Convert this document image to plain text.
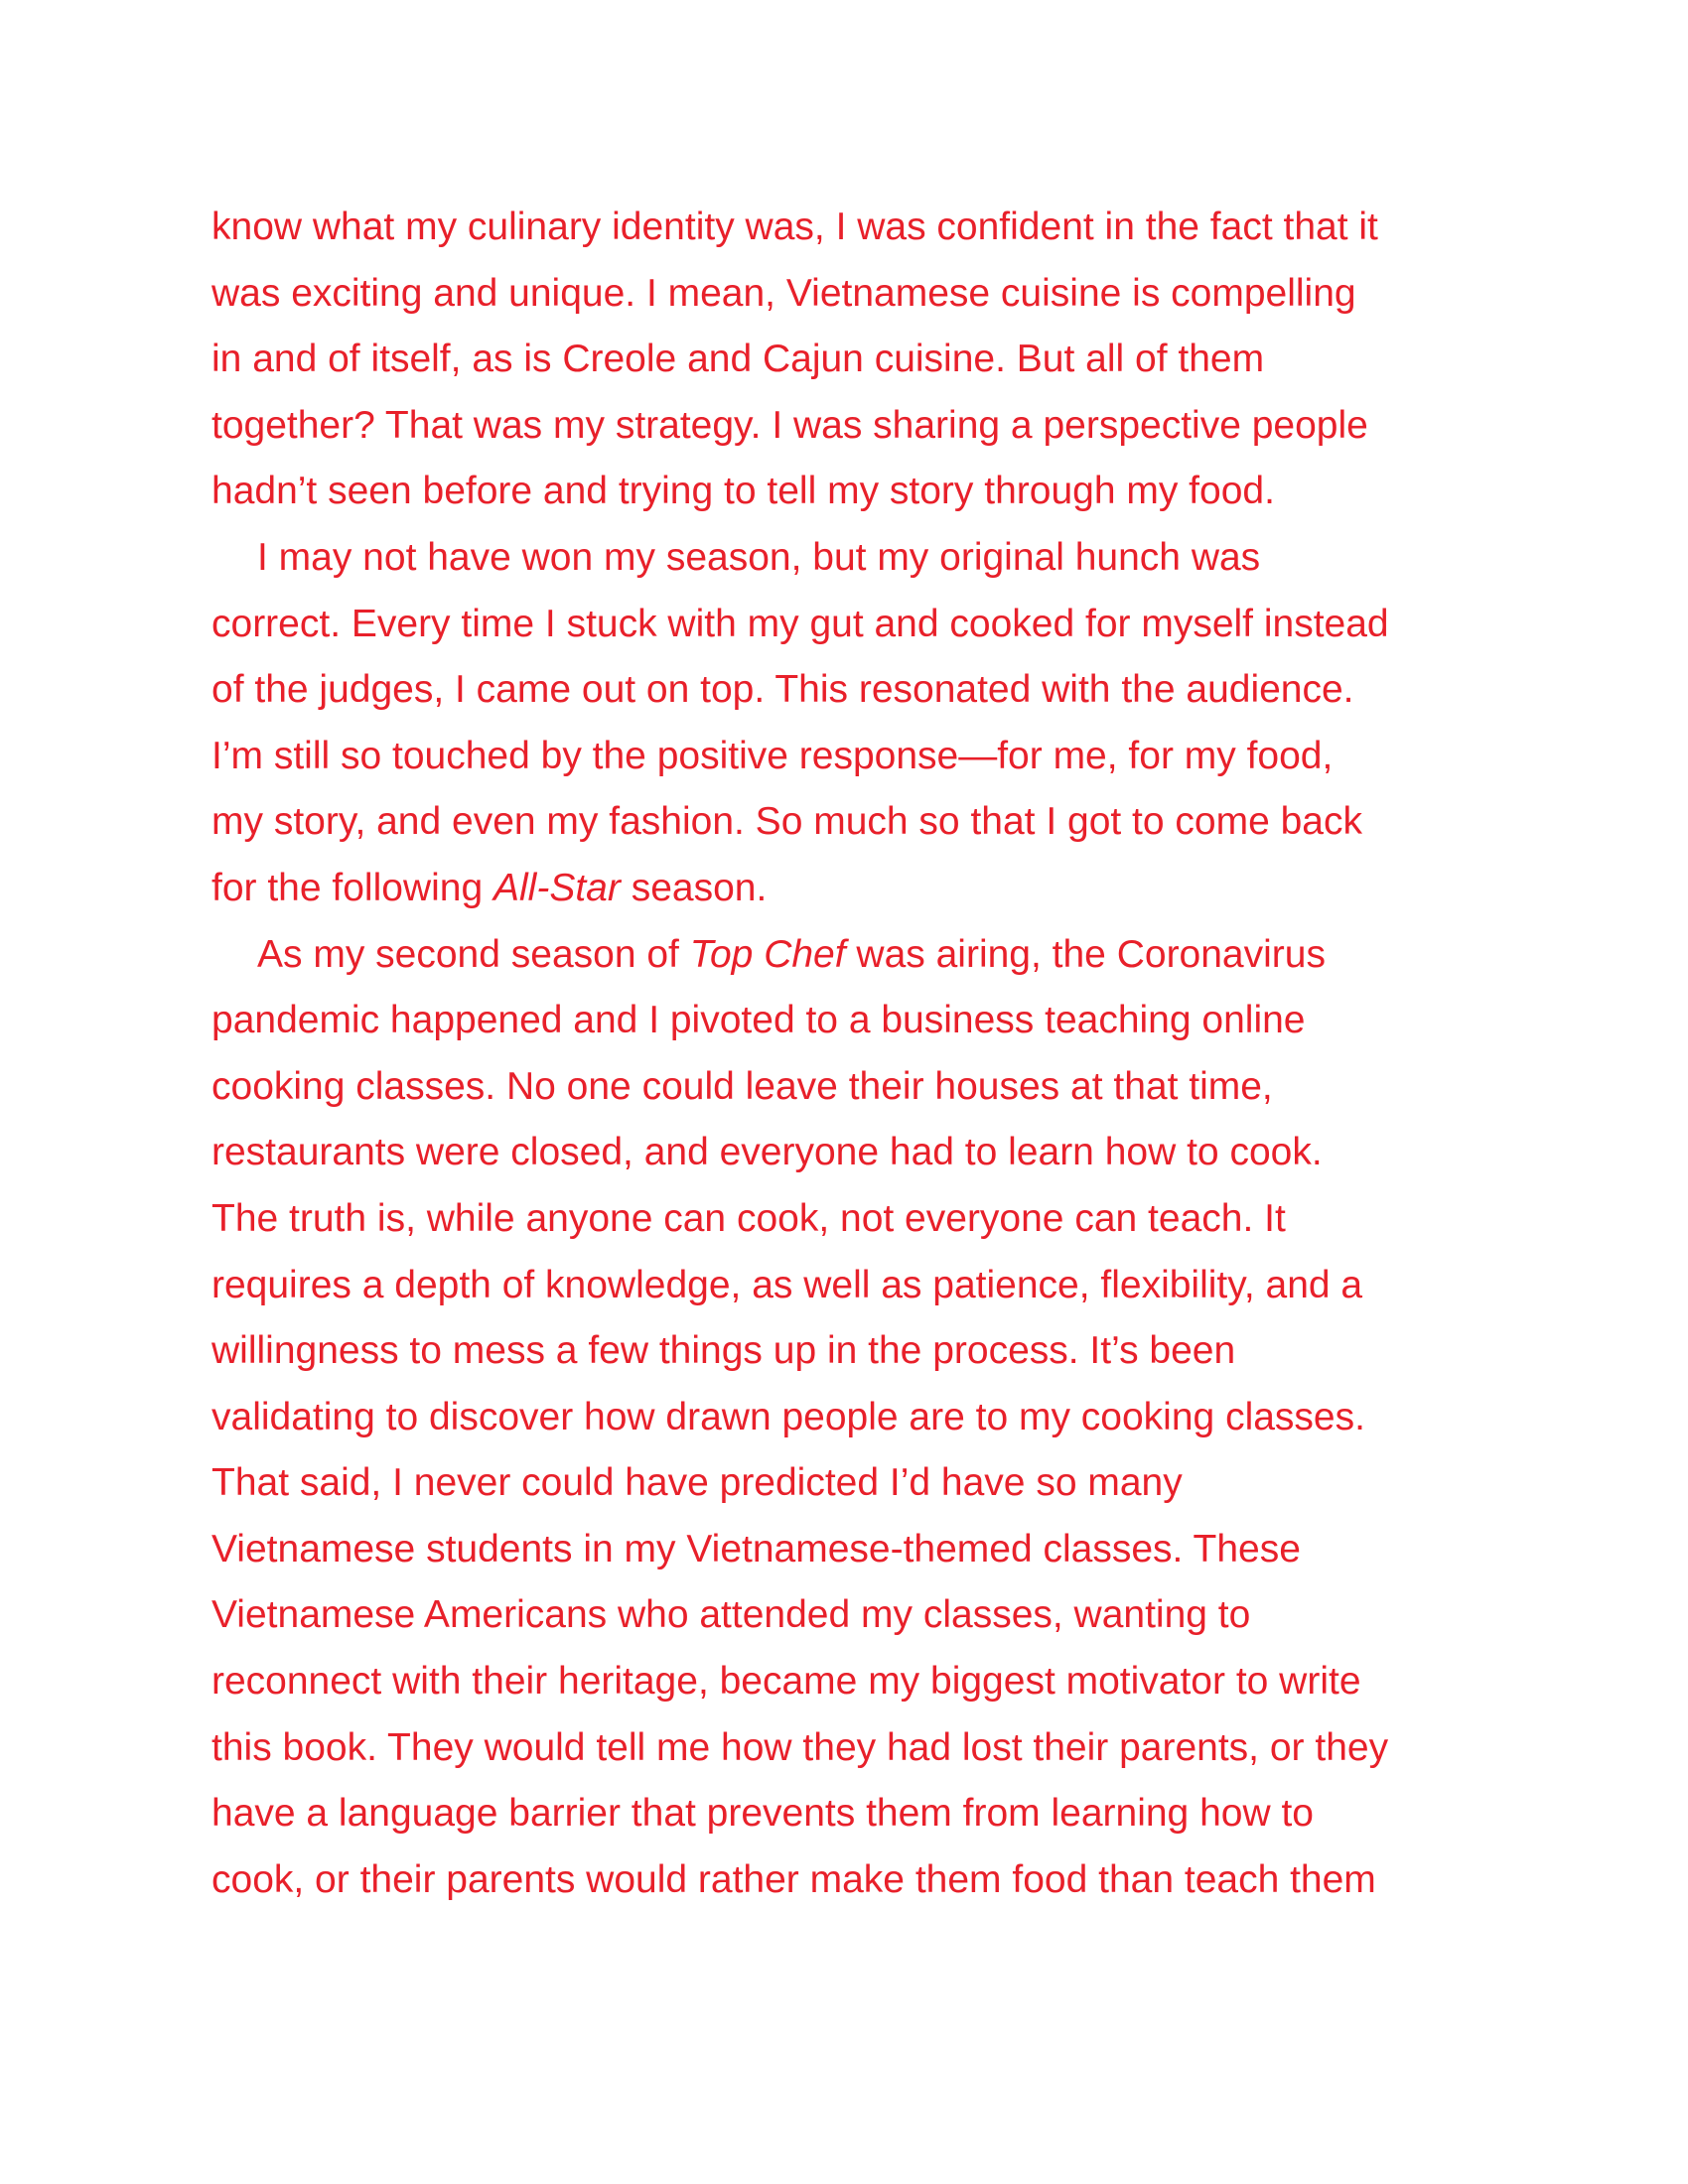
know what my culinary identity was, I was confident in the fact that it
was exciting and unique. I mean, Vietnamese cuisine is compelling
in and of itself, as is Creole and Cajun cuisine. But all of them
together? That was my strategy. I was sharing a perspective people
hadn’t seen before and trying to tell my story through my food.
I may not have won my season, but my original hunch was
correct. Every time I stuck with my gut and cooked for myself instead
of the judges, I came out on top. This resonated with the audience.
I’m still so touched by the positive response—for me, for my food,
my story, and even my fashion. So much so that I got to come back
for the following All-Star season.
As my second season of Top Chef was airing, the Coronavirus
pandemic happened and I pivoted to a business teaching online
cooking classes. No one could leave their houses at that time,
restaurants were closed, and everyone had to learn how to cook.
The truth is, while anyone can cook, not everyone can teach. It
requires a depth of knowledge, as well as patience, flexibility, and a
willingness to mess a few things up in the process. It’s been
validating to discover how drawn people are to my cooking classes.
That said, I never could have predicted I’d have so many
Vietnamese students in my Vietnamese-themed classes. These
Vietnamese Americans who attended my classes, wanting to
reconnect with their heritage, became my biggest motivator to write
this book. They would tell me how they had lost their parents, or they
have a language barrier that prevents them from learning how to
cook, or their parents would rather make them food than teach them
